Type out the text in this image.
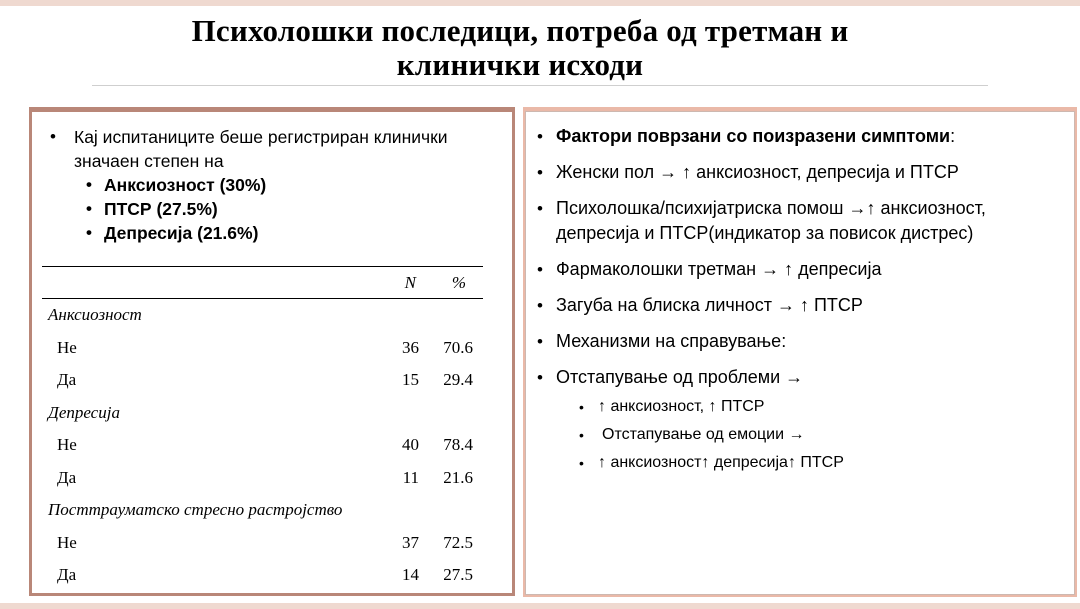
Психолошки последици, потреба од третман и
клинички исходи
• Кај испитаниците беше регистриран клинички значаен степен на
• Анксиозност (30%)
• ПТСР (27.5%)
• Депресија (21.6%)
	N	%
Анксиозност		
Не	36	70.6
Да	15	29.4
Депресија		
Не	40	78.4
Да	11	21.6
Посттрауматско стресно растројство		
Не	37	72.5
Да	14	27.5
• Фактори поврзани со поизразени симптоми:
• Женски пол → ↑ анксиозност, депресија и ПТСР
• Психолошка/психијатриска помош →↑ анксиозност, депресија и ПТСР(индикатор за повисок дистрес)
• Фармаколошки третман → ↑ депресија
• Загуба на блиска личност → ↑ ПТСР
• Механизми на справување:
• Отстапување од проблеми →
• ↑ анксиозност, ↑ ПТСР
• Отстапување од емоции →
• ↑ анксиозност↑ депресија↑ ПТСР
